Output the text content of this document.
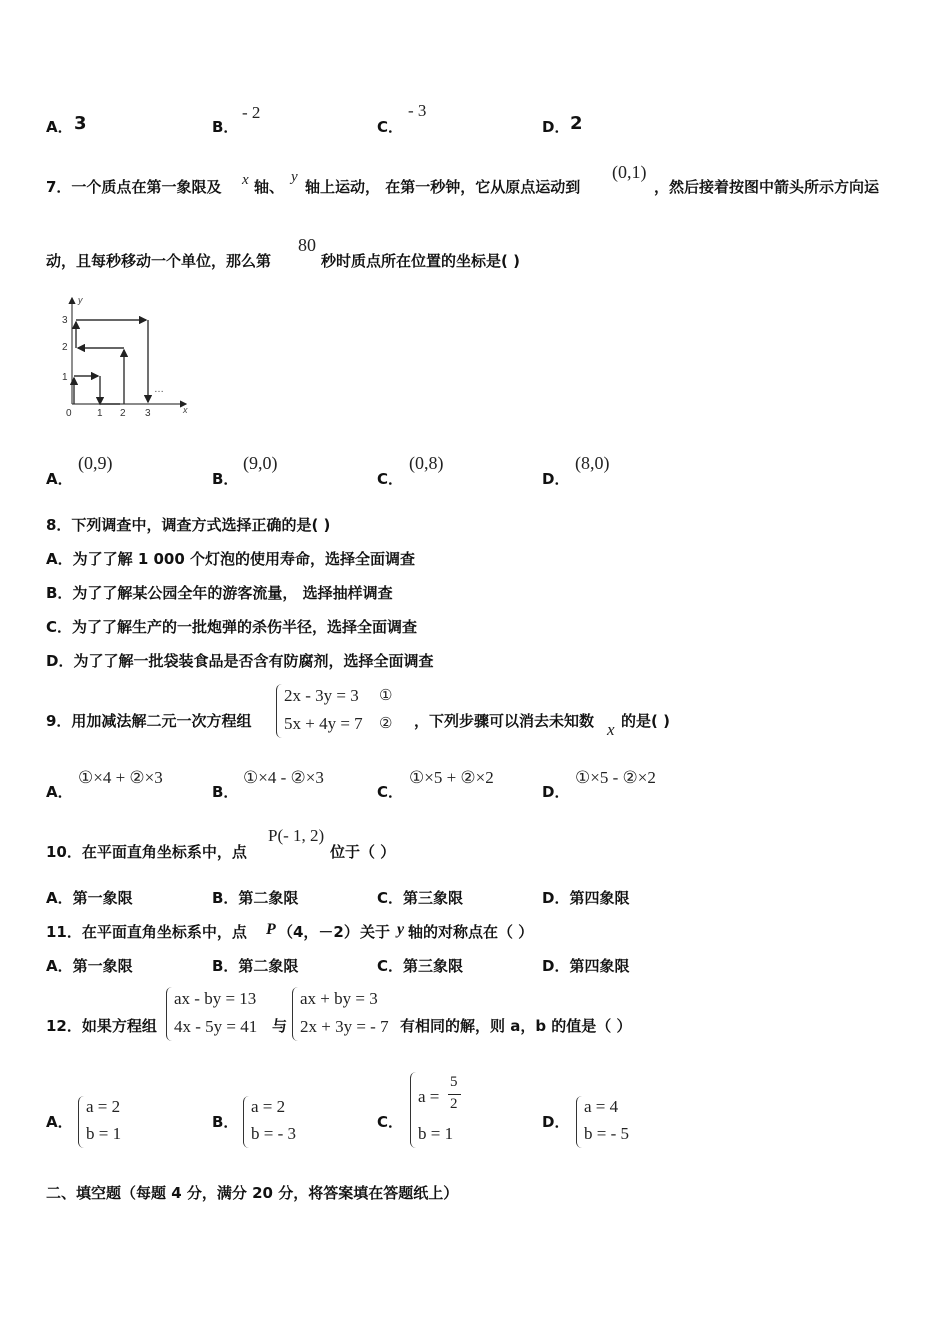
A． 3	B．
- 2
C．
- 3
D． 2
7．一个质点在第一象限及 x 轴、
y
轴上运动， 在第一秒钟，它从原点运动到
(0,1)
，然后接着按图中箭头所示方向运
动，且每秒移动一个单位，那么第
80
秒时质点所在位置的坐标是( )
y
x
1
2
3
0	1 2 3
…
A．
(0,9)
B．
(9,0)
C．
(0,8)
D．
(8,0)
8．下列调查中，调查方式选择正确的是( )
A．为了了解 1 000 个灯泡的使用寿命，选择全面调查
B．为了了解某公园全年的游客流量， 选择抽样调查
C．为了了解生产的一批炮弹的杀伤半径，选择全面调查
D．为了了解一批袋装食品是否含有防腐剂，选择全面调查
9．用加减法解二元一次方程组
2x - 3y = 3 ①
5x + 4y = 7 ② ，下列步骤可以消去未知数 x 的是( )
A．
①×4 + ②×3
B．
①×4 - ②×3
C．
①×5 + ②×2
D．
①×5 - ②×2
10．在平面直角坐标系中，点
P(- 1, 2)
位于（ ）
A．第一象限	B．第二象限	C．第三象限	D．第四象限
11．在平面直角坐标系中，点 P （4，－2） 关于 y 轴的对称点在（ ）
A．第一象限	B．第二象限	C．第三象限	D．第四象限
12．如果方程组
ax - by = 13
4x - 5y = 41 与
ax + by = 3
2x + 3y = - 7 有相同的解，则 a，b 的值是（ ）
A．
a = 2
b = 1
B．
a = 2
b = - 3
C．
a =
5
2
b = 1
D．
a = 4
b = - 5
二、填空题（每题 4 分，满分 20 分，将答案填在答题纸上）
